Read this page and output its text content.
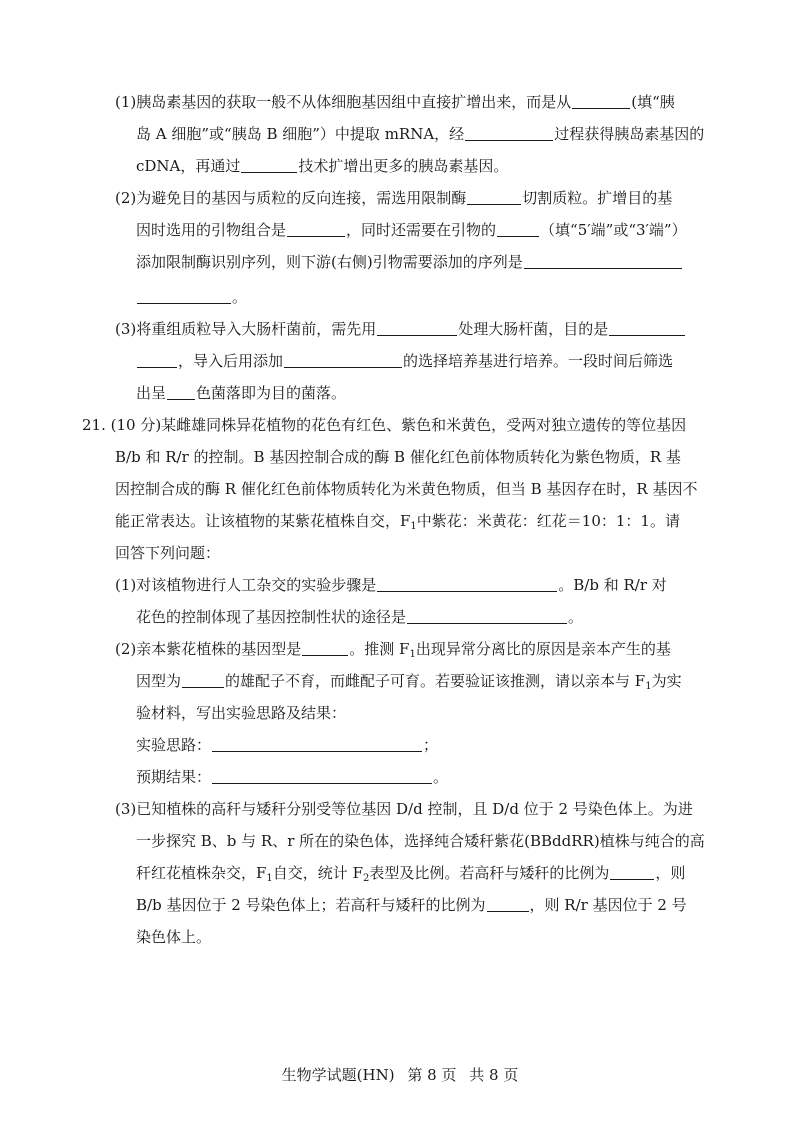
(1)胰岛素基因的获取一般不从体细胞基因组中直接扩增出来，而是从	(填“胰
岛 A 细胞”或“胰岛 B 细胞”）中提取 mRNA，经	过程获得胰岛素基因的
cDNA，再通过	技术扩增出更多的胰岛素基因。
(2)为避免目的基因与质粒的反向连接，需选用限制酶	切割质粒。扩增目的基
因时选用的引物组合是	，同时还需要在引物的	（填“5′端”或“3′端”）
添加限制酶识别序列，则下游(右侧)引物需要添加的序列是
。
(3)将重组质粒导入大肠杆菌前，需先用	处理大肠杆菌，目的是
，导入后用添加	的选择培养基进行培养。一段时间后筛选
出呈 色菌落即为目的菌落。
21. (10 分)某雌雄同株异花植物的花色有红色、紫色和米黄色，受两对独立遗传的等位基因
B/b 和 R/r 的控制。B 基因控制合成的酶 B 催化红色前体物质转化为紫色物质，R 基
因控制合成的酶 R 催化红色前体物质转化为米黄色物质，但当 B 基因存在时，R 基因不
能正常表达。让该植物的某紫花植株自交，$F_1$中紫花：米黄花：红花＝10：1：1。请
回答下列问题：
(1)对该植物进行人工杂交的实验步骤是	。B/b 和 R/r 对
花色的控制体现了基因控制性状的途径是	。
(2)亲本紫花植株的基因型是	。推测 $F_1$出现异常分离比的原因是亲本产生的基
因型为	的雄配子不育，而雌配子可育。若要验证该推测，请以亲本与 $F_1$为实
验材料，写出实验思路及结果：
实验思路：	；
预期结果：	。
(3)已知植株的高秆与矮秆分别受等位基因 D/d 控制，且 D/d 位于 2 号染色体上。为进
一步探究 B、b 与 R、r 所在的染色体，选择纯合矮秆紫花(BBddRR)植株与纯合的高
秆红花植株杂交，$F_1$自交，统计 $F_2$表型及比例。若高秆与矮秆的比例为	，则
B/b 基因位于 2 号染色体上；若高秆与矮秆的比例为	，则 R/r 基因位于 2 号
染色体上。
生物学试题(HN) 第 8 页 共 8 页
